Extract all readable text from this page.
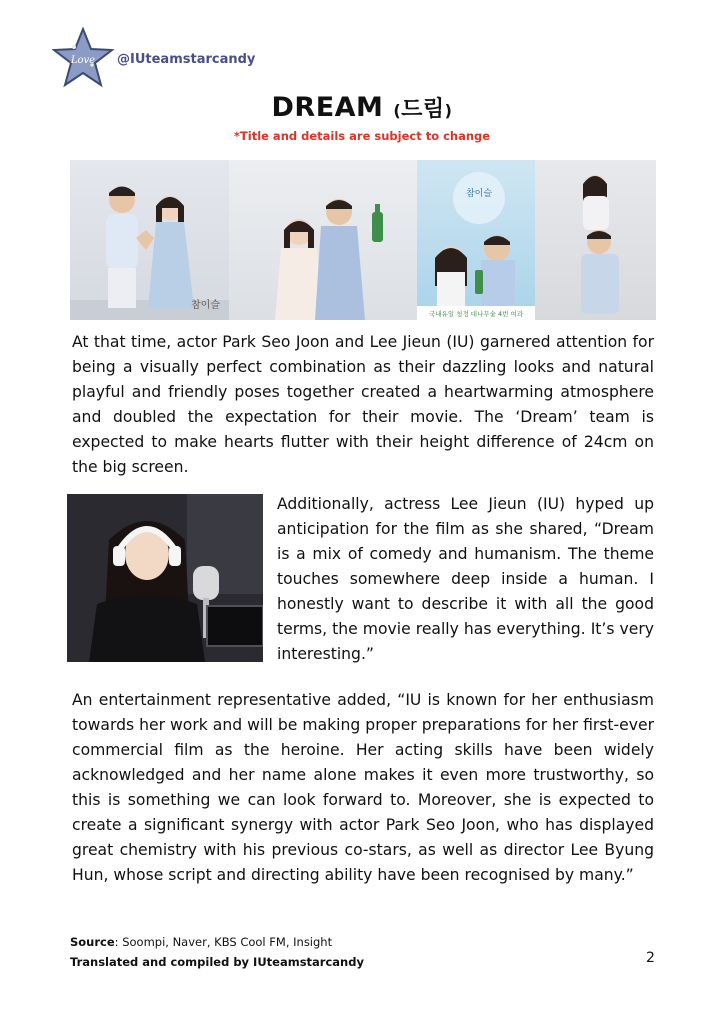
Love @IUteamstarcandy
DREAM (드림)
*Title and details are subject to change
참이슬
참이슬
국내유일 청정 대나무숯 4번 여과

At that time, actor Park Seo Joon and Lee Jieun (IU) garnered attention for being a visually perfect combination as their dazzling looks and natural playful and friendly poses together created a heartwarming atmosphere and doubled the expectation for their movie. The ‘Dream’ team is expected to make hearts flutter with their height difference of 24cm on the big screen.

Additionally, actress Lee Jieun (IU) hyped up anticipation for the film as she shared, “Dream is a mix of comedy and humanism. The theme touches somewhere deep inside a human. I honestly want to describe it with all the good terms, the movie really has everything. It’s very interesting.”

An entertainment representative added, “IU is known for her enthusiasm towards her work and will be making proper preparations for her first-ever commercial film as the heroine. Her acting skills have been widely acknowledged and her name alone makes it even more trustworthy, so this is something we can look forward to. Moreover, she is expected to create a significant synergy with actor Park Seo Joon, who has displayed great chemistry with his previous co-stars, as well as director Lee Byung Hun, whose script and directing ability have been recognised by many.”

Source: Soompi, Naver, KBS Cool FM, Insight
Translated and compiled by IUteamstarcandy	2
